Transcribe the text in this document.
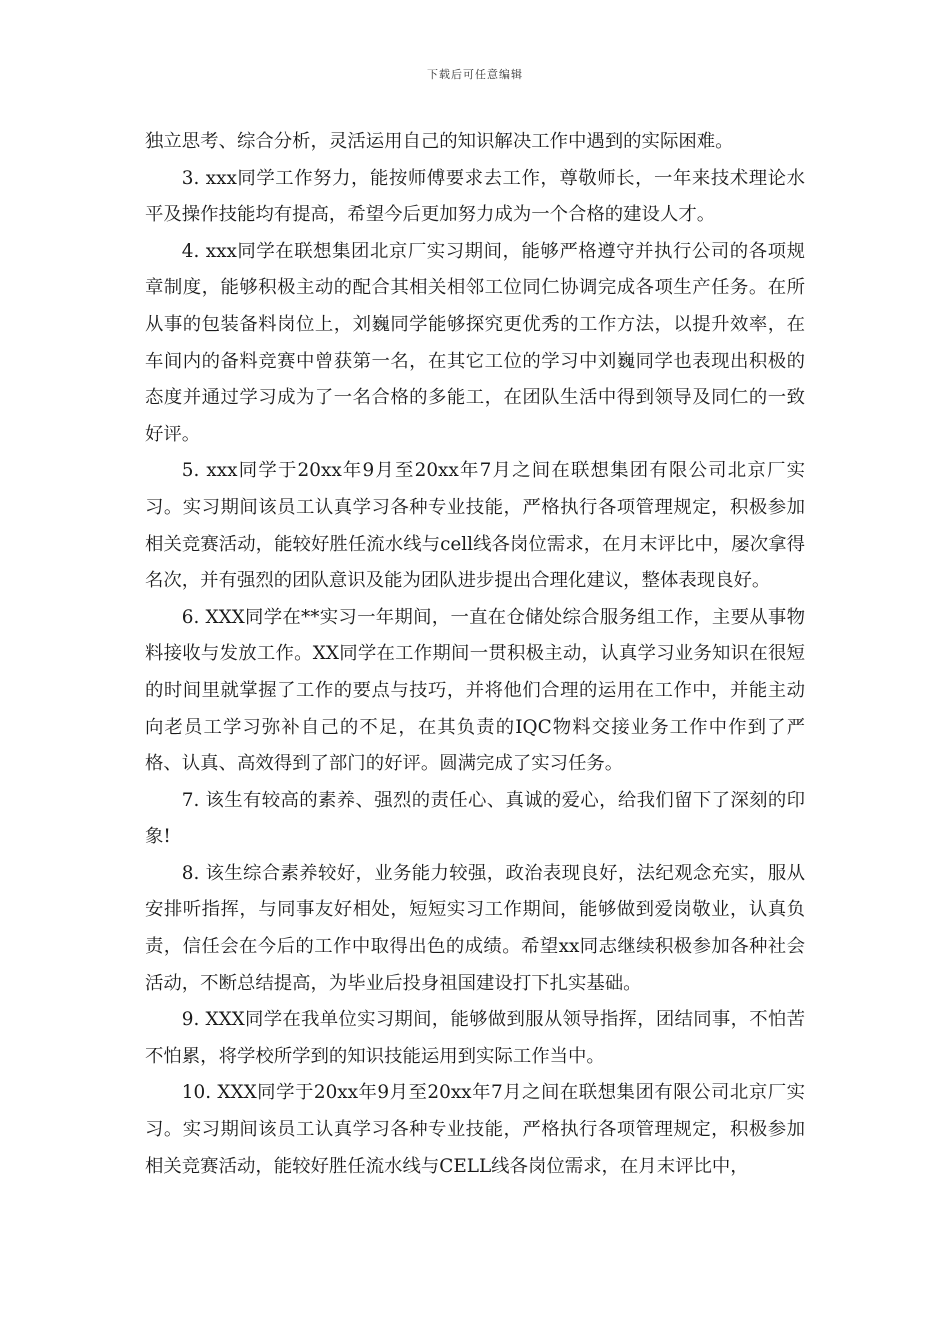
下载后可任意编辑

独立思考、综合分析，灵活运用自己的知识解决工作中遇到的实际困难。

3. xxx同学工作努力，能按师傅要求去工作，尊敬师长，一年来技术理论水平及操作技能均有提高，希望今后更加努力成为一个合格的建设人才。

4. xxx同学在联想集团北京厂实习期间，能够严格遵守并执行公司的各项规章制度，能够积极主动的配合其相关相邻工位同仁协调完成各项生产任务。在所从事的包装备料岗位上，刘巍同学能够探究更优秀的工作方法，以提升效率，在车间内的备料竞赛中曾获第一名，在其它工位的学习中刘巍同学也表现出积极的态度并通过学习成为了一名合格的多能工，在团队生活中得到领导及同仁的一致好评。

5. xxx同学于20xx年9月至20xx年7月之间在联想集团有限公司北京厂实习。实习期间该员工认真学习各种专业技能，严格执行各项管理规定，积极参加相关竞赛活动，能较好胜任流水线与cell线各岗位需求，在月末评比中，屡次拿得名次，并有强烈的团队意识及能为团队进步提出合理化建议，整体表现良好。

6. XXX同学在**实习一年期间，一直在仓储处综合服务组工作，主要从事物料接收与发放工作。XX同学在工作期间一贯积极主动，认真学习业务知识在很短的时间里就掌握了工作的要点与技巧，并将他们合理的运用在工作中，并能主动向老员工学习弥补自己的不足，在其负责的IQC物料交接业务工作中作到了严格、认真、高效得到了部门的好评。圆满完成了实习任务。

7. 该生有较高的素养、强烈的责任心、真诚的爱心，给我们留下了深刻的印象!

8. 该生综合素养较好，业务能力较强，政治表现良好，法纪观念充实，服从安排听指挥，与同事友好相处，短短实习工作期间，能够做到爱岗敬业，认真负责，信任会在今后的工作中取得出色的成绩。希望xx同志继续积极参加各种社会活动，不断总结提高，为毕业后投身祖国建设打下扎实基础。

9. XXX同学在我单位实习期间，能够做到服从领导指挥，团结同事，不怕苦不怕累，将学校所学到的知识技能运用到实际工作当中。

10. XXX同学于20xx年9月至20xx年7月之间在联想集团有限公司北京厂实习。实习期间该员工认真学习各种专业技能，严格执行各项管理规定，积极参加相关竞赛活动，能较好胜任流水线与CELL线各岗位需求，在月末评比中，
